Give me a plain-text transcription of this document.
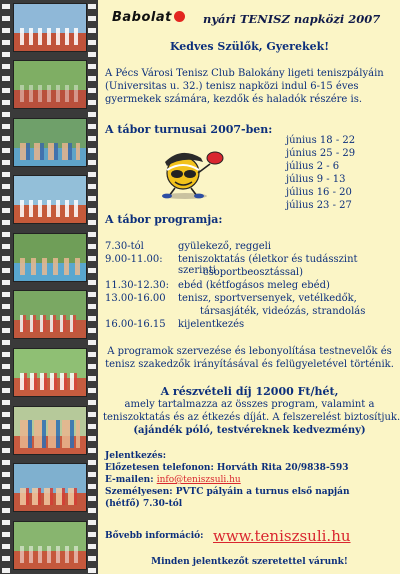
Babolat	nyári TENISZ napközi 2007
Kedves Szülők, Gyerekek!
A Pécs Városi Tenisz Club Balokány ligeti teniszpályáin
(Universitas u. 32.) tenisz napközi indul 6-15 éves
gyermekek számára, kezdők és haladók részére is.
A tábor turnusai 2007-ben:
június 18 - 22
június 25 - 29
július 2 - 6
július 9 - 13
július 16 - 20
július 23 - 27
A tábor programja:
7.30-tól	gyülekező, reggeli
9.00-11.00: teniszoktatás (életkor és tudásszint szerinti
csoportbeosztással)
11.30-12.30: ebéd (kétfogásos meleg ebéd)
13.00-16.00 tenisz, sportversenyek, vetélkedők,
társasjáték, videózás, strandolás
16.00-16.15 kijelentkezés
A programok szervezése és lebonyolítása testnevelők és
tenisz szakedzők irányításával és felügyeletével történik.
A részvételi díj 12000 Ft/hét,
amely tartalmazza az összes program, valamint a
teniszoktatás és az étkezés díját. A felszerelést biztosítjuk.
(ajándék póló, testvéreknek kedvezmény)
Jelentkezés:
Előzetesen telefonon: Horváth Rita 20/9838-593
E-mailen: info@teniszsuli.hu
Személyesen: PVTC pályáin a turnus első napján
(hétfő) 7.30-tól
Bővebb információ: www.teniszsuli.hu
Minden jelentkezőt szeretettel várunk!
